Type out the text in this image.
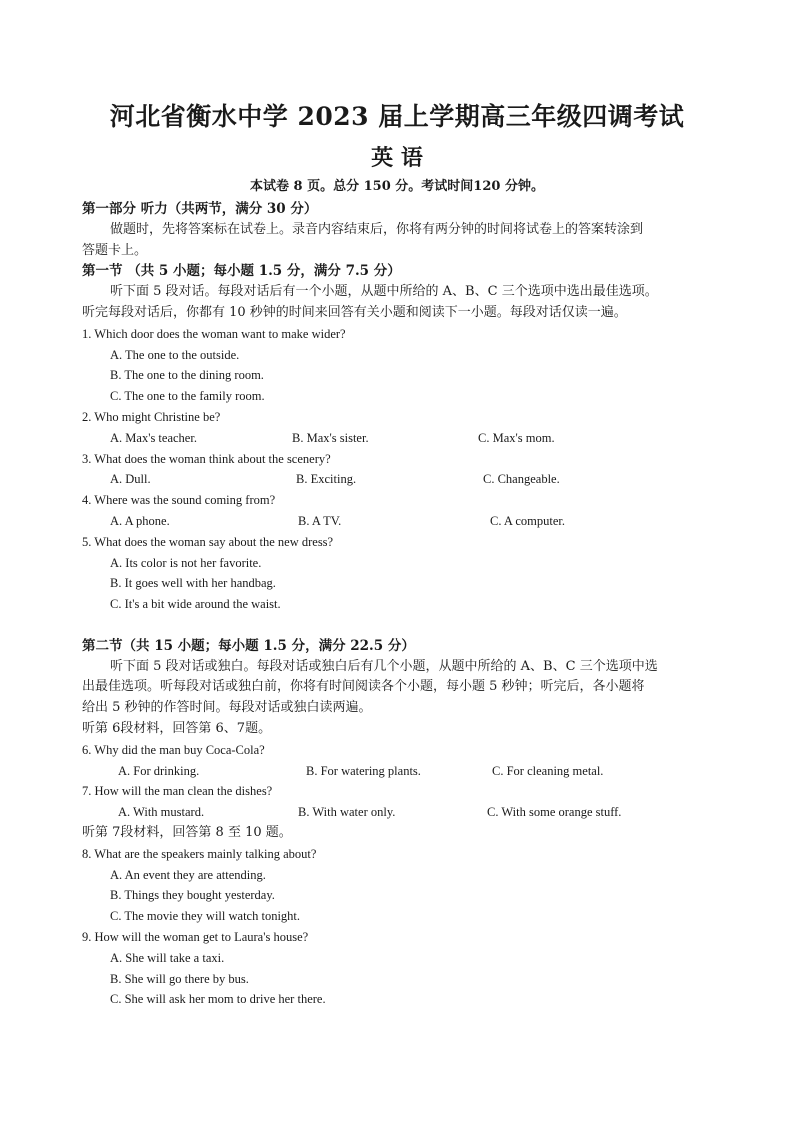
河北省衡水中学 2023 届上学期高三年级四调考试
英 语
本试卷 8 页。总分 150 分。考试时间120 分钟。
第一部分 听力（共两节，满分 30 分）
做题时，先将答案标在试卷上。录音内容结束后，你将有两分钟的时间将试卷上的答案转涂到
答题卡上。
第一节 （共 5 小题；每小题 1.5 分，满分 7.5 分）
听下面 5 段对话。每段对话后有一个小题，从题中所给的 A、B、C 三个选项中选出最佳选项。
听完每段对话后，你都有 10 秒钟的时间来回答有关小题和阅读下一小题。每段对话仅读一遍。
1. Which door does the woman want to make wider?
A. The one to the outside.
B. The one to the dining room.
C. The one to the family room.
2. Who might Christine be?
A. Max's teacher.	B. Max's sister.	C. Max's mom.
3. What does the woman think about the scenery?
A. Dull.	B. Exciting.	C. Changeable.
4. Where was the sound coming from?
A. A phone.	B. A TV.	C. A computer.
5. What does the woman say about the new dress?
A. Its color is not her favorite.
B. It goes well with her handbag.
C. It's a bit wide around the waist.
第二节（共 15 小题；每小题 1.5 分，满分 22.5 分）
听下面 5 段对话或独白。每段对话或独白后有几个小题，从题中所给的 A、B、C 三个选项中选
出最佳选项。听每段对话或独白前，你将有时间阅读各个小题，每小题 5 秒钟；听完后，各小题将
给出 5 秒钟的作答时间。每段对话或独白读两遍。
听第 6段材料，回答第 6、7题。
6. Why did the man buy Coca-Cola?
A. For drinking.	B. For watering plants.	C. For cleaning metal.
7. How will the man clean the dishes?
A. With mustard.	B. With water only.	C. With some orange stuff.
听第 7段材料，回答第 8 至 10 题。
8. What are the speakers mainly talking about?
A. An event they are attending.
B. Things they bought yesterday.
C. The movie they will watch tonight.
9. How will the woman get to Laura's house?
A. She will take a taxi.
B. She will go there by bus.
C. She will ask her mom to drive her there.
